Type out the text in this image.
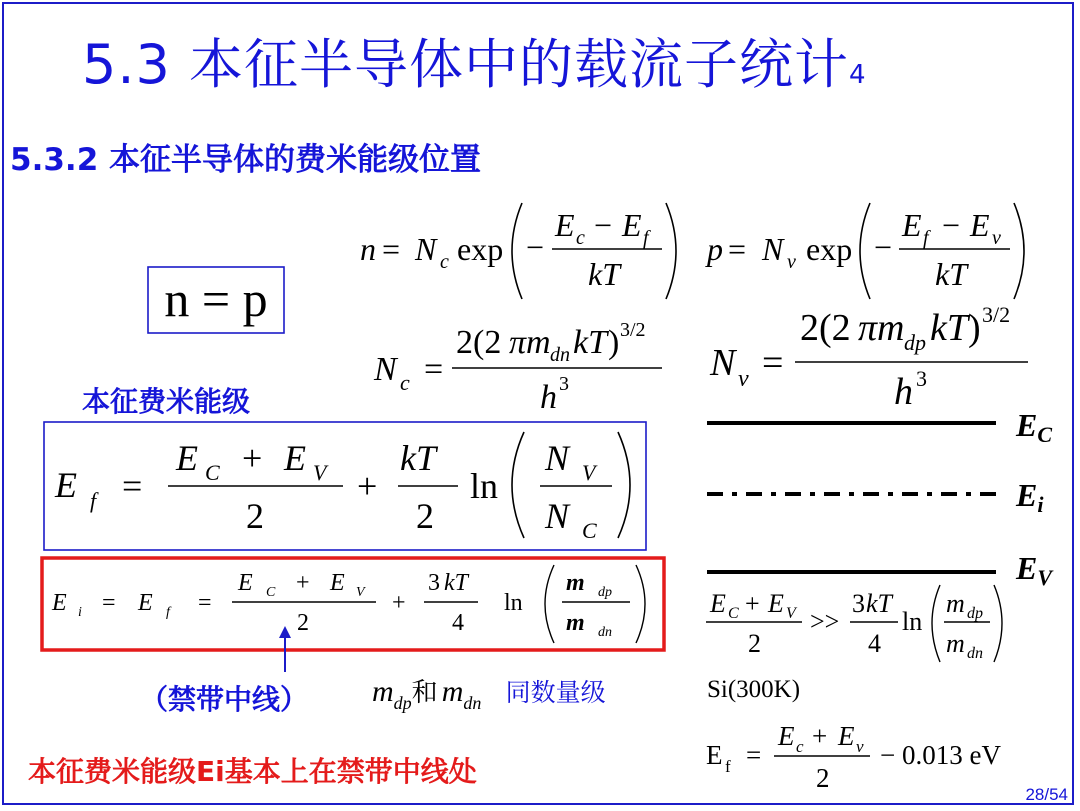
5.3 本征半导体中的载流子统计4
5.3.2 本征半导体的费米能级位置
本征费米能级
（禁带中线）
本征费米能级Ei基本上在禁带中线处
$m_{dp}$和 $m_{dn}$ 同数量级	Si(300K)
28/54
n = p
n = N c exp −
E c − E f
kT
p = N v exp −
E f − E v
kT
N c =
2(2 πm dn kT ) 3/2
h 3	N v =
2(2 πm dp kT ) 3/2
h 3
E f =
E C + E V
2
+
kT
2
ln
N V
N C
E i = E f =
E C + E V
2
+
3 kT
4
ln
m dp
m dn
EC
Ei
EV
E C + E V
2
>>
3 kT
4
ln
m dp
m dn
E f =
E c + E v
2
− 0.013 eV
